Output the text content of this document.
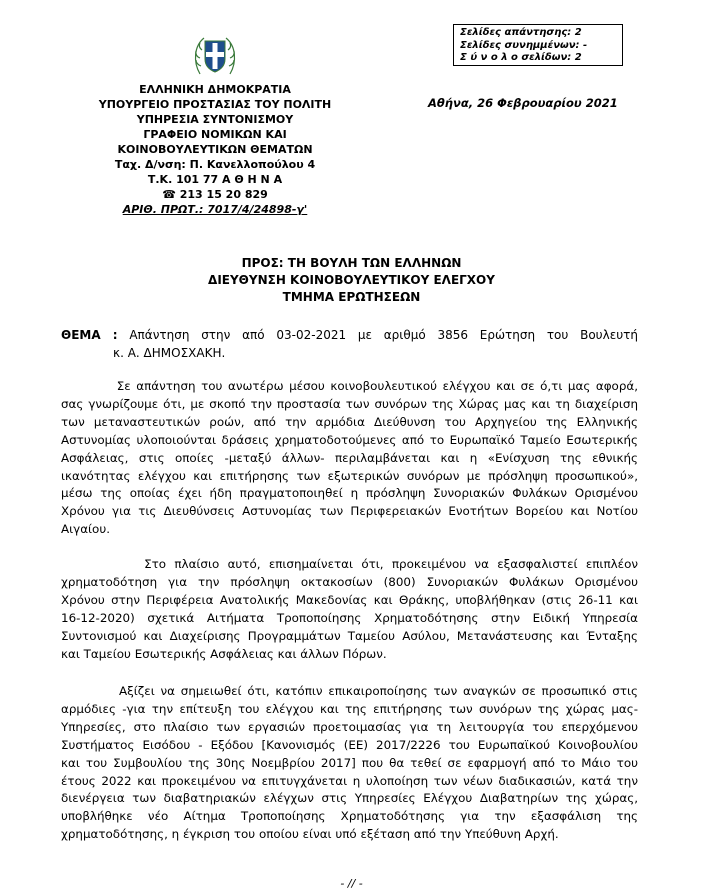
ΕΛΛΗΝΙΚΗ ΔΗΜΟΚΡΑΤΙΑ
ΥΠΟΥΡΓΕΙΟ ΠΡΟΣΤΑΣΙΑΣ ΤΟΥ ΠΟΛΙΤΗ
ΥΠΗΡΕΣΙΑ ΣΥΝΤΟΝΙΣΜΟΥ
ΓΡΑΦΕΙΟ ΝΟΜΙΚΩΝ ΚΑΙ
ΚΟΙΝΟΒΟΥΛΕΥΤΙΚΩΝ ΘΕΜΑΤΩΝ
Ταχ. Δ/νση: Π. Κανελλοπούλου 4
Τ.Κ. 101 77 Α Θ Η Ν Α
☎ 213 15 20 829
ΑΡΙΘ. ΠΡΩΤ.: 7017/4/24898-γ'
Σελίδες απάντησης: 2
Σελίδες συνημμένων: -
Σ ύ ν ο λ ο σελίδων: 2
Αθήνα, 26 Φεβρουαρίου 2021
ΠΡΟΣ: ΤΗ ΒΟΥΛΗ ΤΩΝ ΕΛΛΗΝΩΝ
ΔΙΕΥΘΥΝΣΗ ΚΟΙΝΟΒΟΥΛΕΥΤΙΚΟΥ ΕΛΕΓΧΟΥ
ΤΜΗΜΑ ΕΡΩΤΗΣΕΩΝ
ΘΕΜΑ : Απάντηση στην από 03-02-2021 με αριθμό 3856 Ερώτηση του Βουλευτή
κ. Α. ΔΗΜΟΣΧΑΚΗ.
Σε απάντηση του ανωτέρω μέσου κοινοβουλευτικού ελέγχου και σε ό,τι μας αφορά,
σας γνωρίζουμε ότι, με σκοπό την προστασία των συνόρων της Χώρας μας και τη διαχείριση
των μεταναστευτικών ροών, από την αρμόδια Διεύθυνση του Αρχηγείου της Ελληνικής
Αστυνομίας υλοποιούνται δράσεις χρηματοδοτούμενες από το Ευρωπαϊκό Ταμείο Εσωτερικής
Ασφάλειας, στις οποίες -μεταξύ άλλων- περιλαμβάνεται και η «Ενίσχυση της εθνικής
ικανότητας ελέγχου και επιτήρησης των εξωτερικών συνόρων με πρόσληψη προσωπικού»,
μέσω της οποίας έχει ήδη πραγματοποιηθεί η πρόσληψη Συνοριακών Φυλάκων Ορισμένου
Χρόνου για τις Διευθύνσεις Αστυνομίας των Περιφερειακών Ενοτήτων Βορείου και Νοτίου
Αιγαίου.
Στο πλαίσιο αυτό, επισημαίνεται ότι, προκειμένου να εξασφαλιστεί επιπλέον
χρηματοδότηση για την πρόσληψη οκτακοσίων (800) Συνοριακών Φυλάκων Ορισμένου
Χρόνου στην Περιφέρεια Ανατολικής Μακεδονίας και Θράκης, υποβλήθηκαν (στις 26-11 και
16-12-2020) σχετικά Αιτήματα Τροποποίησης Χρηματοδότησης στην Ειδική Υπηρεσία
Συντονισμού και Διαχείρισης Προγραμμάτων Ταμείου Ασύλου, Μετανάστευσης και Ένταξης
και Ταμείου Εσωτερικής Ασφάλειας και άλλων Πόρων.
Αξίζει να σημειωθεί ότι, κατόπιν επικαιροποίησης των αναγκών σε προσωπικό στις
αρμόδιες -για την επίτευξη του ελέγχου και της επιτήρησης των συνόρων της χώρας μας-
Υπηρεσίες, στο πλαίσιο των εργασιών προετοιμασίας για τη λειτουργία του επερχόμενου
Συστήματος Εισόδου - Εξόδου [Κανονισμός (ΕΕ) 2017/2226 του Ευρωπαϊκού Κοινοβουλίου
και του Συμβουλίου της 30ης Νοεμβρίου 2017] που θα τεθεί σε εφαρμογή από το Μάιο του
έτους 2022 και προκειμένου να επιτυγχάνεται η υλοποίηση των νέων διαδικασιών, κατά την
διενέργεια των διαβατηριακών ελέγχων στις Υπηρεσίες Ελέγχου Διαβατηρίων της χώρας,
υποβλήθηκε νέο Αίτημα Τροποποίησης Χρηματοδότησης για την εξασφάλιση της
χρηματοδότησης, η έγκριση του οποίου είναι υπό εξέταση από την Υπεύθυνη Αρχή.
- // -
